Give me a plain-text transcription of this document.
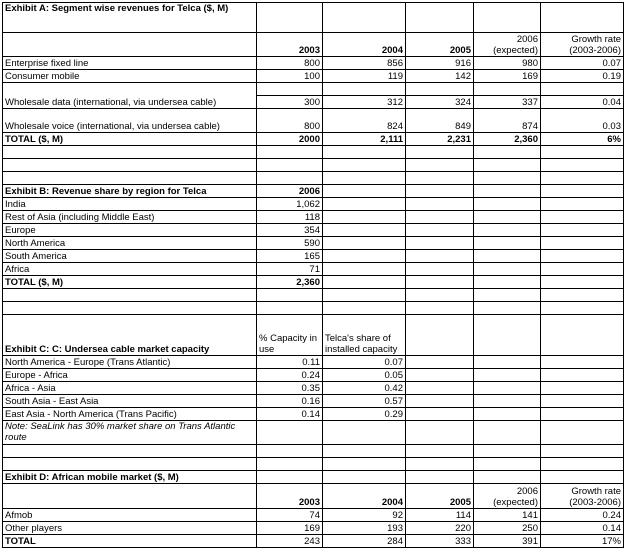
Exhibit A: Segment wise revenues for Telca ($, M)					
	2003	2004	2005	2006 (expected)	Growth rate (2003-2006)
Enterprise fixed line	800	856	916	980	0.07
Consumer mobile	100	119	142	169	0.19

Wholesale data (international, via undersea cable)	300	312	324	337	0.04
Wholesale voice (international, via undersea cable)	800	824	849	874	0.03
TOTAL ($, M)	2000	2,111	2,231	2,360	6%

Exhibit B: Revenue share by region for Telca	2006				
India	1,062				
Rest of Asia (including Middle East)	118				
Europe	354				
North America	590				
South America	165				
Africa	71				
TOTAL ($, M)	2,360				

Exhibit C: C: Undersea cable market capacity	% Capacity in use	Telca's share of installed capacity			
North America - Europe (Trans Atlantic)	0.11	0.07			
Europe - Africa	0.24	0.05			
Africa - Asia	0.35	0.42			
South Asia - East Asia	0.16	0.57			
East Asia - North America (Trans Pacific)	0.14	0.29			
Note: SeaLink has 30% market share on Trans Atlantic route					

Exhibit D: African mobile market ($, M)					
	2003	2004	2005	2006 (expected)	Growth rate (2003-2006)
Afmob	74	92	114	141	0.24
Other players	169	193	220	250	0.14
TOTAL	243	284	333	391	17%
